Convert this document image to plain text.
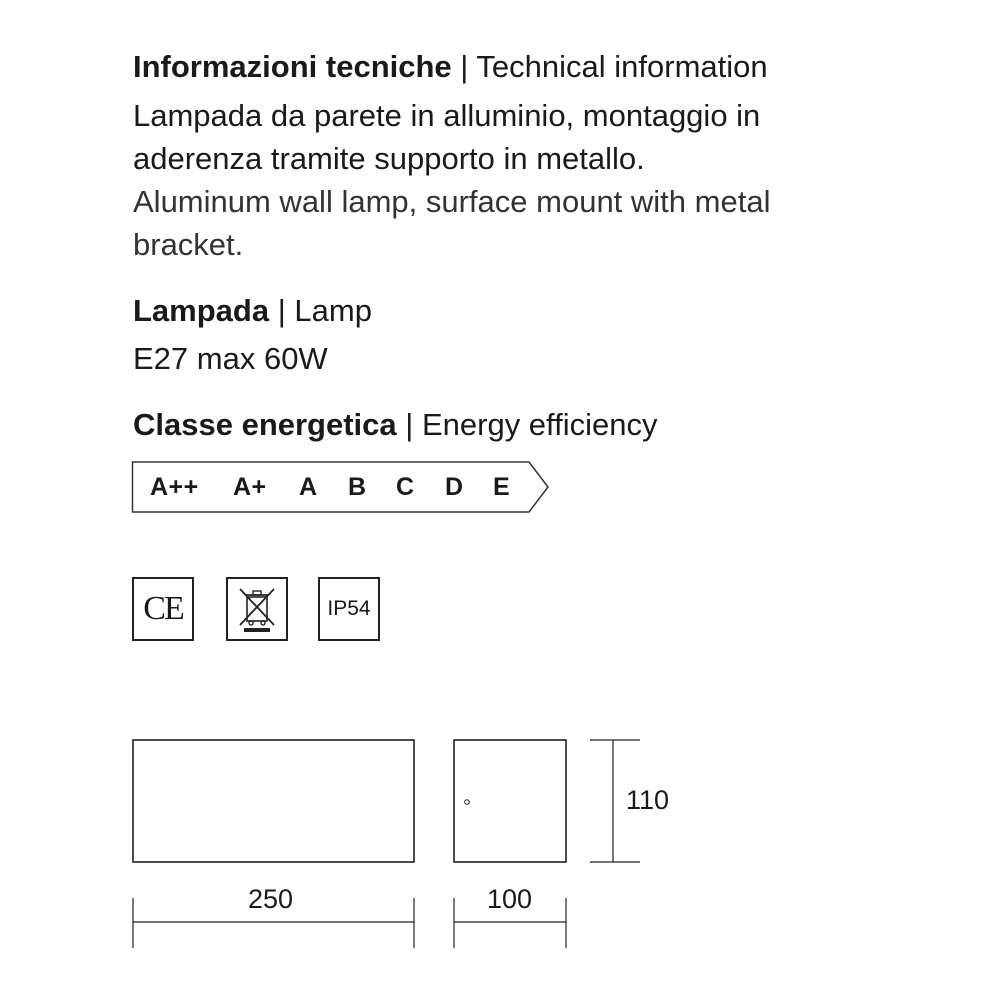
Informazioni tecniche | Technical information
Lampada da parete in alluminio, montaggio in
aderenza tramite supporto in metallo.
Aluminum wall lamp, surface mount with metal
bracket.
Lampada | Lamp
E27 max 60W
Classe energetica | Energy efficiency
A++ A+ A B C D E
CE	IP54
250	100
110
